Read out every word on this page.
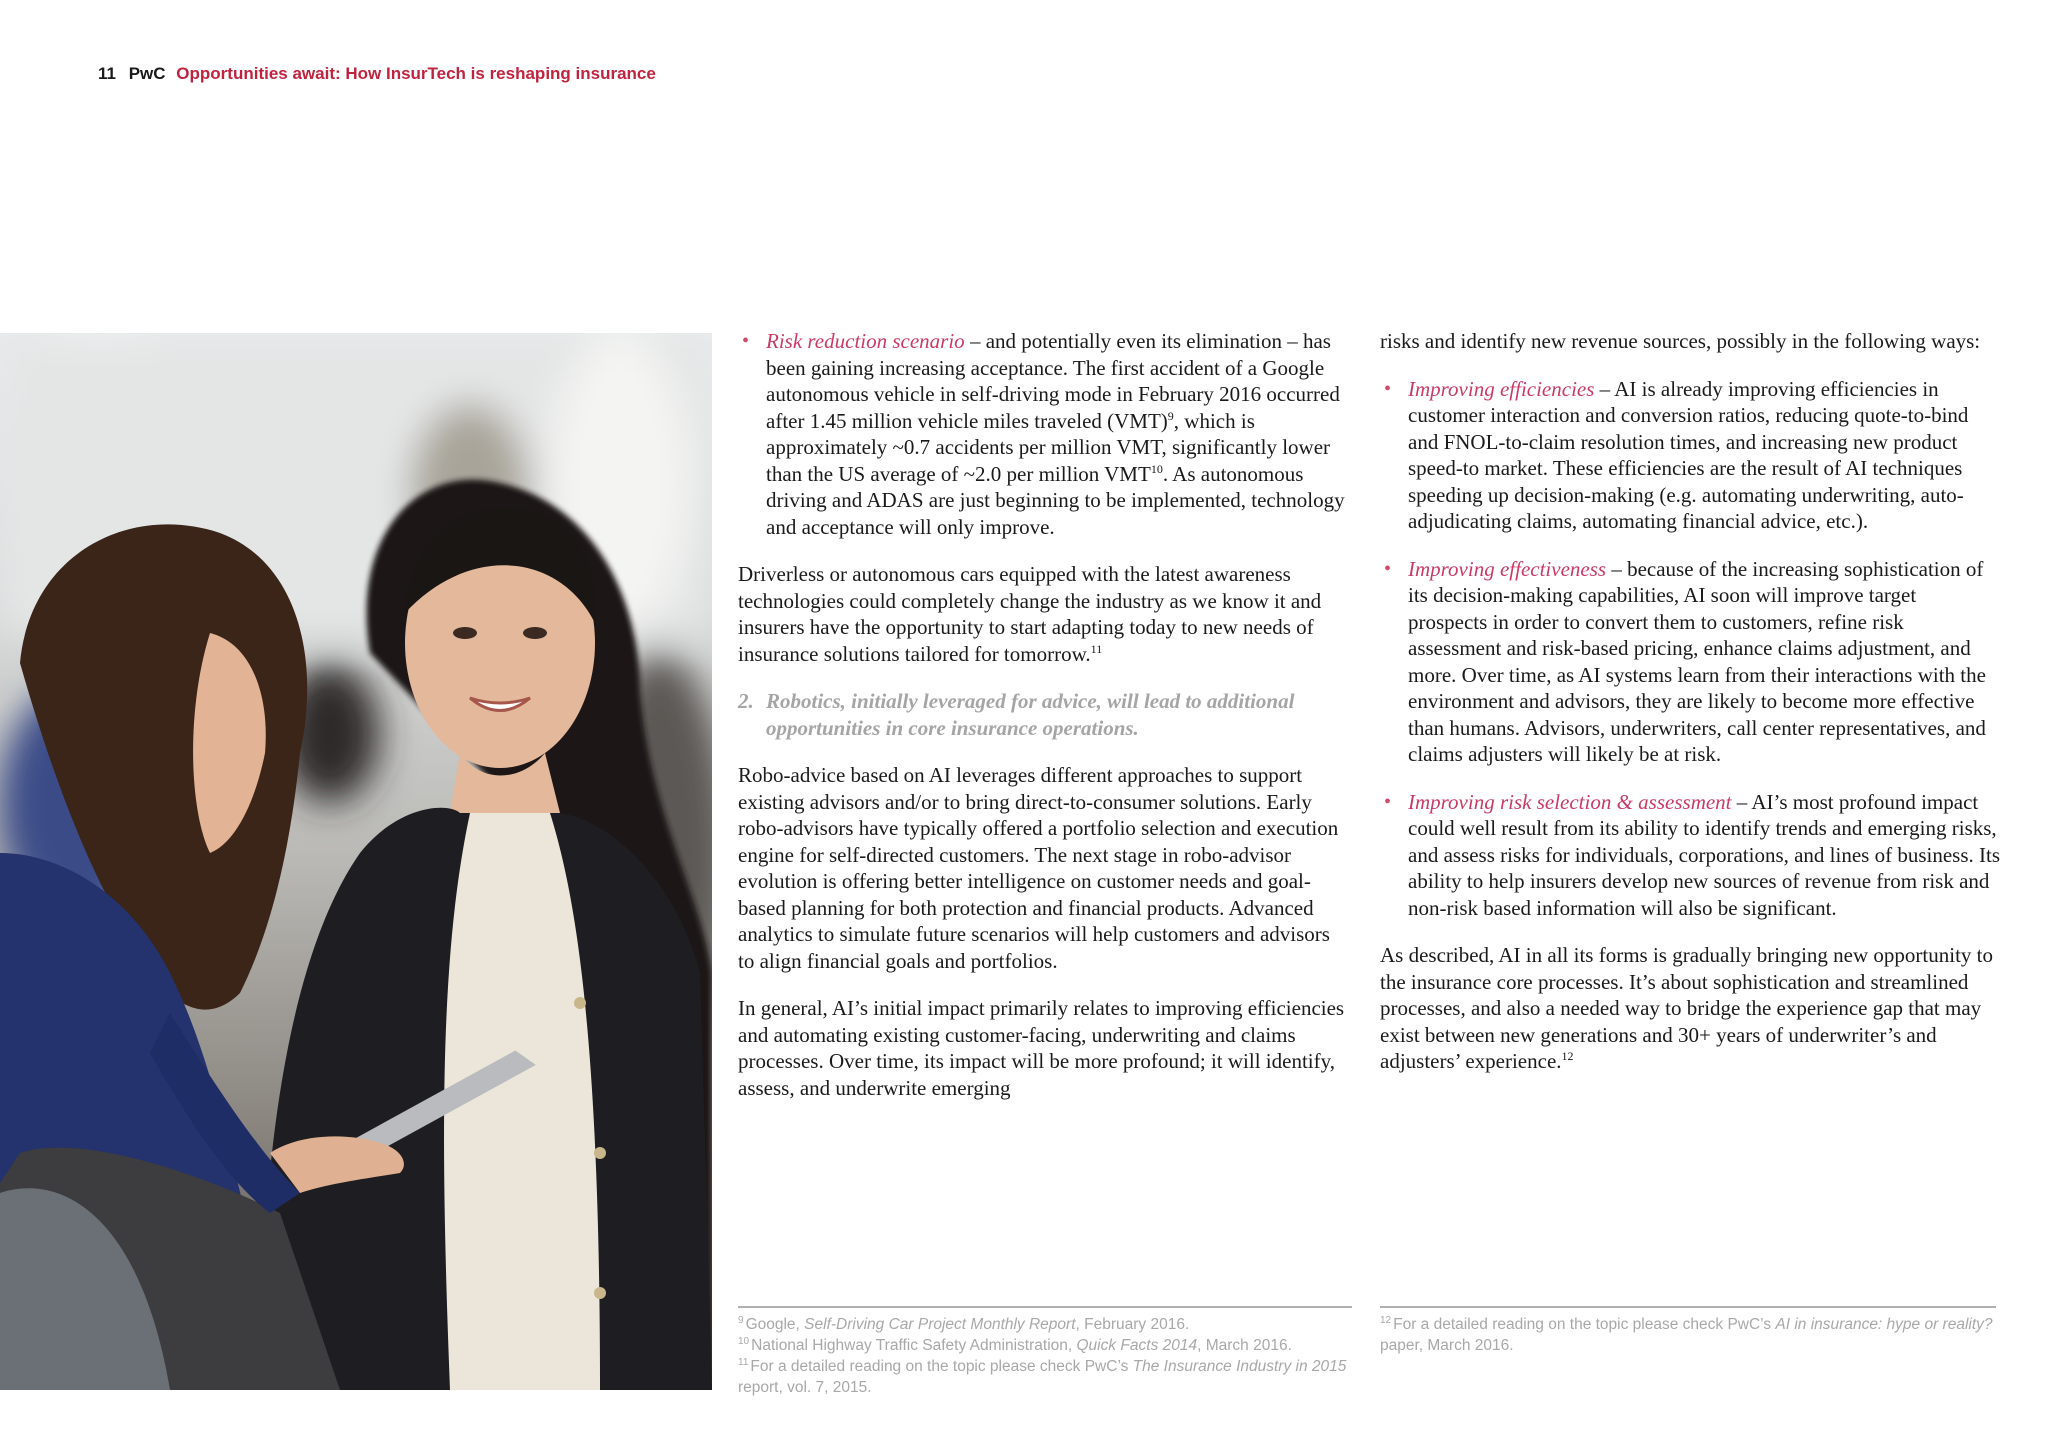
11 PwC Opportunities await: How InsurTech is reshaping insurance
• Risk reduction scenario – and potentially even its elimination – has been gaining increasing acceptance. The first accident of a Google autonomous vehicle in self-driving mode in February 2016 occurred after 1.45 million vehicle miles traveled (VMT)$^9$, which is approximately ~0.7 accidents per million VMT, significantly lower than the US average of ~2.0 per million VMT$^{10}$. As autonomous driving and ADAS are just beginning to be implemented, technology and acceptance will only improve.

Driverless or autonomous cars equipped with the latest awareness technologies could completely change the industry as we know it and insurers have the opportunity to start adapting today to new needs of insurance solutions tailored for tomorrow.$^{11}$

2. Robotics, initially leveraged for advice, will lead to additional opportunities in core insurance operations.

Robo-advice based on AI leverages different approaches to support existing advisors and/or to bring direct-to-consumer solutions. Early robo-advisors have typically offered a portfolio selection and execution engine for self-directed customers. The next stage in robo-advisor evolution is offering better intelligence on customer needs and goal-based planning for both protection and financial products. Advanced analytics to simulate future scenarios will help customers and advisors to align financial goals and portfolios.

In general, AI’s initial impact primarily relates to improving efficiencies and automating existing customer-facing, underwriting and claims processes. Over time, its impact will be more profound; it will identify, assess, and underwrite emerging

risks and identify new revenue sources, possibly in the following ways:

• Improving efficiencies – AI is already improving efficiencies in customer interaction and conversion ratios, reducing quote-to-bind and FNOL-to-claim resolution times, and increasing new product speed-to market. These efficiencies are the result of AI techniques speeding up decision-making (e.g. automating underwriting, auto-adjudicating claims, automating financial advice, etc.).
• Improving effectiveness – because of the increasing sophistication of its decision-making capabilities, AI soon will improve target prospects in order to convert them to customers, refine risk assessment and risk-based pricing, enhance claims adjustment, and more. Over time, as AI systems learn from their interactions with the environment and advisors, they are likely to become more effective than humans. Advisors, underwriters, call center representatives, and claims adjusters will likely be at risk.
• Improving risk selection & assessment – AI’s most profound impact could well result from its ability to identify trends and emerging risks, and assess risks for individuals, corporations, and lines of business. Its ability to help insurers develop new sources of revenue from risk and non-risk based information will also be significant.

As described, AI in all its forms is gradually bringing new opportunity to the insurance core processes. It’s about sophistication and streamlined processes, and also a needed way to bridge the experience gap that may exist between new generations and 30+ years of underwriter’s and adjusters’ experience.$^{12}$

$^9$ Google, Self-Driving Car Project Monthly Report, February 2016.
$^{10}$ National Highway Traffic Safety Administration, Quick Facts 2014, March 2016.
$^{11}$ For a detailed reading on the topic please check PwC’s The Insurance Industry in 2015 report, vol. 7, 2015.
$^{12}$ For a detailed reading on the topic please check PwC’s AI in insurance: hype or reality? paper, March 2016.
